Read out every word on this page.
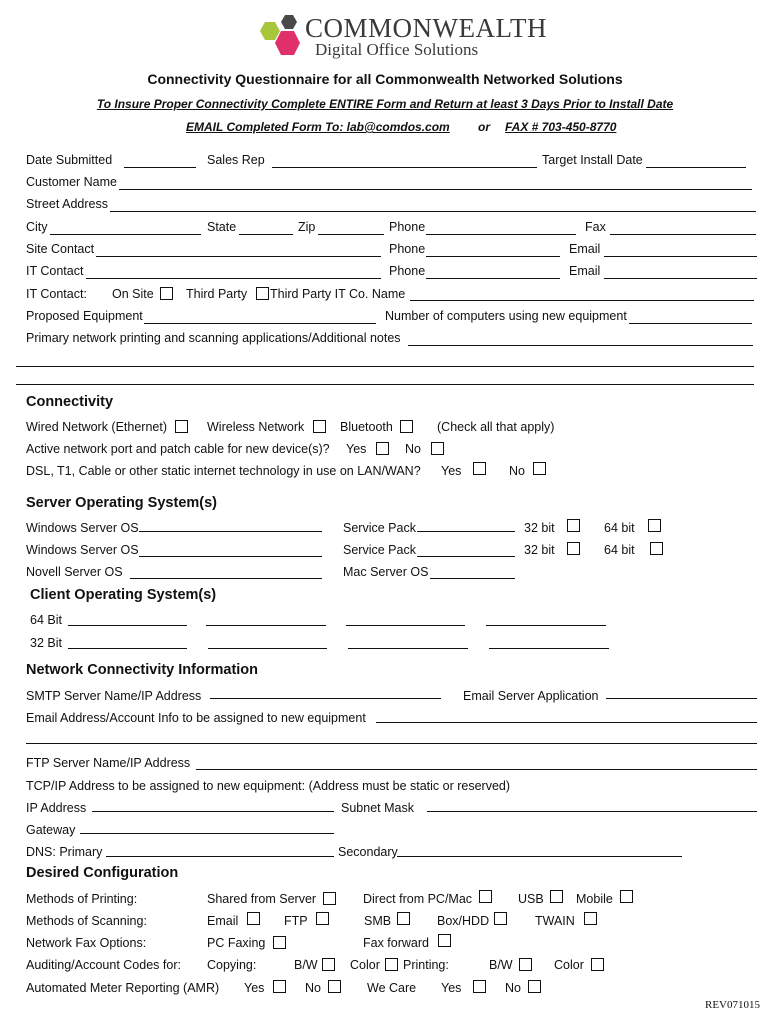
COMMONWEALTH
Digital Office Solutions
Connectivity Questionnaire for all Commonwealth Networked Solutions
To Insure Proper Connectivity Complete ENTIRE Form and Return at least 3 Days Prior to Install Date
EMAIL Completed Form To: lab@comdos.com or FAX # 703-450-8770
Date Submitted	Sales Rep	Target Install Date
Customer Name
Street Address
City	State	Zip	Phone	Fax
Site Contact	Phone	Email
IT Contact	Phone	Email
IT Contact: On Site	Third Party Third Party IT Co. Name
Proposed Equipment	Number of computers using new equipment
Primary network printing and scanning applications/Additional notes
Connectivity
Wired Network (Ethernet)	Wireless Network	Bluetooth	(Check all that apply)
Active network port and patch cable for new device(s)? Yes	No
DSL, T1, Cable or other static internet technology in use on LAN/WAN? Yes	No
Server Operating System(s)
Windows Server OS	Service Pack	32 bit	64 bit
Windows Server OS	Service Pack	32 bit	64 bit
Novell Server OS	Mac Server OS
Client Operating System(s)
64 Bit
32 Bit
Network Connectivity Information
SMTP Server Name/IP Address	Email Server Application
Email Address/Account Info to be assigned to new equipment
FTP Server Name/IP Address
TCP/IP Address to be assigned to new equipment: (Address must be static or reserved)
IP Address	Subnet Mask
Gateway
DNS: Primary	Secondary
Desired Configuration
Methods of Printing:	Shared from Server	Direct from PC/Mac	USB	Mobile
Methods of Scanning:	Email	FTP	SMB	Box/HDD	TWAIN
Network Fax Options:	PC Faxing	Fax forward
Auditing/Account Codes for: Copying:	B/W	Color Printing:	B/W	Color
Automated Meter Reporting (AMR) Yes	No	We Care Yes	No
REV071015
